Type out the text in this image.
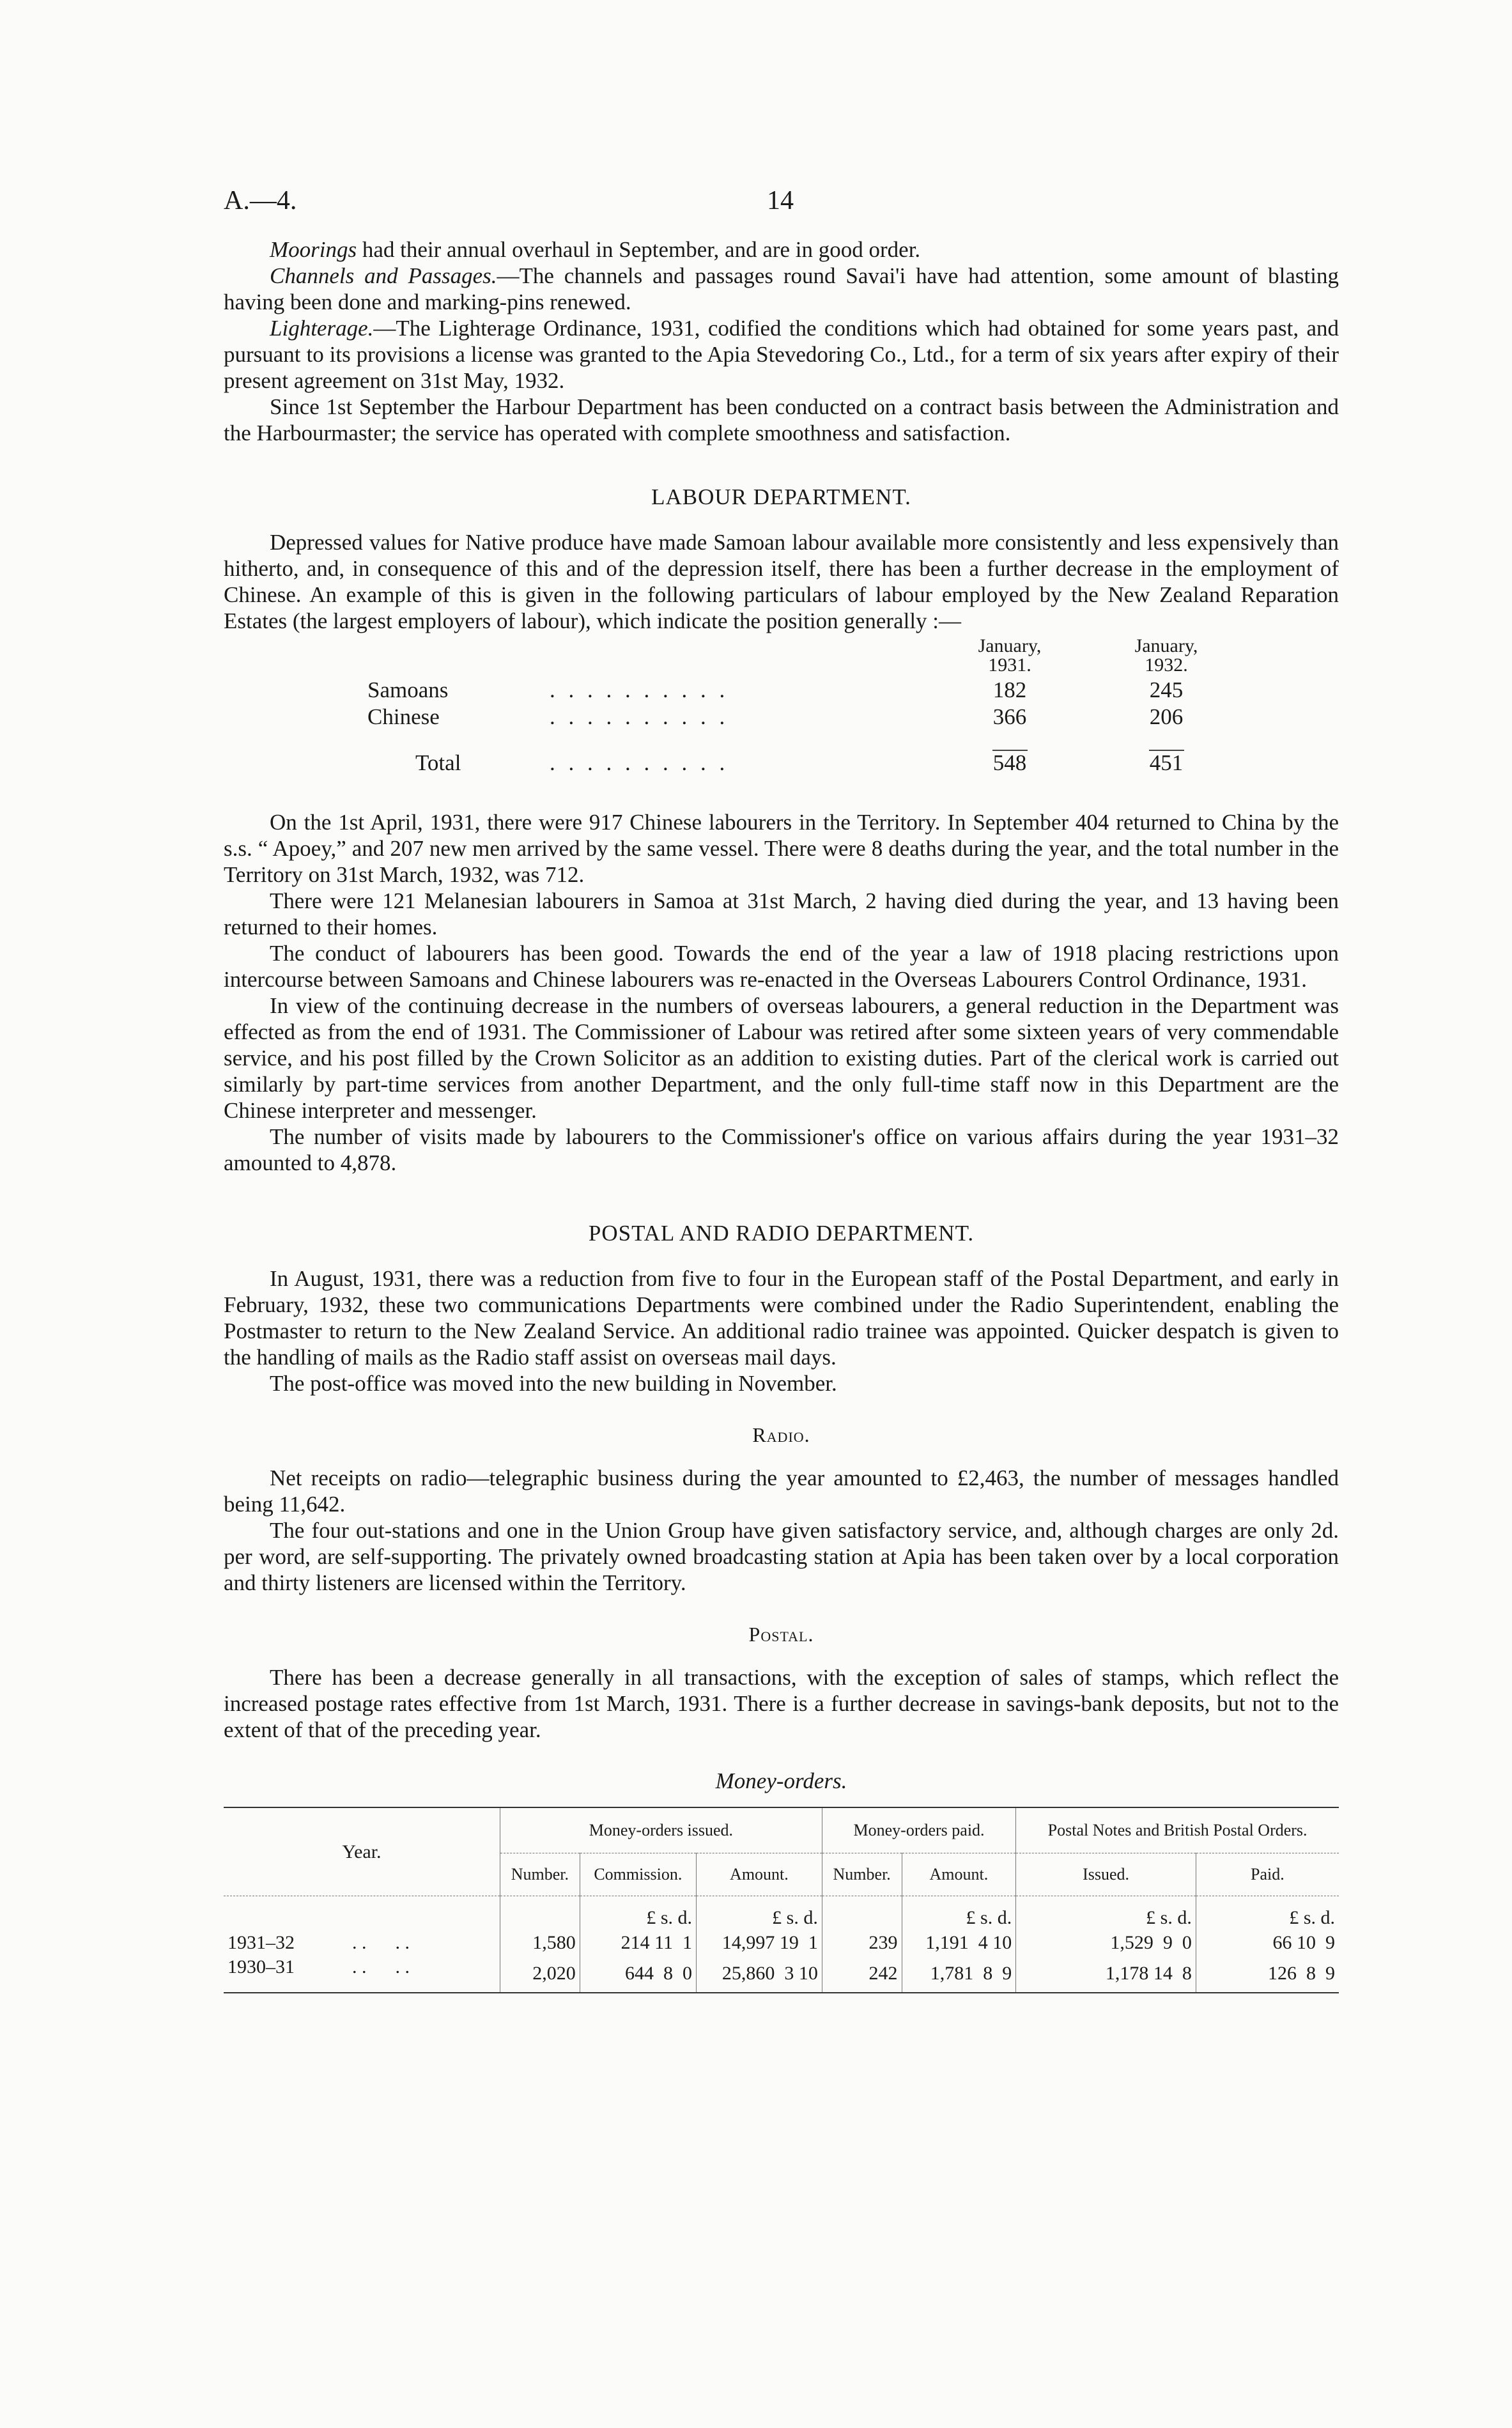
A.—4.	14

Moorings had their annual overhaul in September, and are in good order.

Channels and Passages.—The channels and passages round Savai'i have had attention, some amount of blasting having been done and marking-pins renewed.

Lighterage.—The Lighterage Ordinance, 1931, codified the conditions which had obtained for some years past, and pursuant to its provisions a license was granted to the Apia Stevedoring Co., Ltd., for a term of six years after expiry of their present agreement on 31st May, 1932.

Since 1st September the Harbour Department has been conducted on a contract basis between the Administration and the Harbourmaster; the service has operated with complete smoothness and satisfaction.

LABOUR DEPARTMENT.

Depressed values for Native produce have made Samoan labour available more consistently and less expensively than hitherto, and, in consequence of this and of the depression itself, there has been a further decrease in the employment of Chinese. An example of this is given in the following particulars of labour employed by the New Zealand Reparation Estates (the largest employers of labour), which indicate the position generally :—

January, 1931.
January, 1932.
Samoans	. . . . . . . . . .	182	245
Chinese	. . . . . . . . . .	366	206
Total	. . . . . . . . . .	548	451

On the 1st April, 1931, there were 917 Chinese labourers in the Territory. In September 404 returned to China by the s.s. “ Apoey,” and 207 new men arrived by the same vessel. There were 8 deaths during the year, and the total number in the Territory on 31st March, 1932, was 712.

There were 121 Melanesian labourers in Samoa at 31st March, 2 having died during the year, and 13 having been returned to their homes.

The conduct of labourers has been good. Towards the end of the year a law of 1918 placing restrictions upon intercourse between Samoans and Chinese labourers was re-enacted in the Overseas Labourers Control Ordinance, 1931.

In view of the continuing decrease in the numbers of overseas labourers, a general reduction in the Department was effected as from the end of 1931. The Commissioner of Labour was retired after some sixteen years of very commendable service, and his post filled by the Crown Solicitor as an addition to existing duties. Part of the clerical work is carried out similarly by part-time services from another Department, and the only full-time staff now in this Department are the Chinese interpreter and messenger.

The number of visits made by labourers to the Commissioner's office on various affairs during the year 1931–32 amounted to 4,878.

POSTAL AND RADIO DEPARTMENT.

In August, 1931, there was a reduction from five to four in the European staff of the Postal Department, and early in February, 1932, these two communications Departments were combined under the Radio Superintendent, enabling the Postmaster to return to the New Zealand Service. An additional radio trainee was appointed. Quicker despatch is given to the handling of mails as the Radio staff assist on overseas mail days.

The post-office was moved into the new building in November.

Radio.

Net receipts on radio—telegraphic business during the year amounted to £2,463, the number of messages handled being 11,642.

The four out-stations and one in the Union Group have given satisfactory service, and, although charges are only 2d. per word, are self-supporting. The privately owned broadcasting station at Apia has been taken over by a local corporation and thirty listeners are licensed within the Territory.

Postal.

There has been a decrease generally in all transactions, with the exception of sales of stamps, which reflect the increased postage rates effective from 1st March, 1931. There is a further decrease in savings-bank deposits, but not to the extent of that of the preceding year.

Money-orders.
Year.	Money-orders issued.			Money-orders paid.		Postal Notes and British Postal Orders.	
	Number.	Commission.	Amount.	Number.	Amount.	Issued.	Paid.
		£ s. d.	£ s. d.		£ s. d.	£ s. d.	£ s. d.
1931–32 . .      . .	1,580	214 11  1	14,997 19  1	239	1,191  4 10	1,529  9  0	66 10  9
1930–31 . .      . .	2,020	644  8  0	25,860  3 10	242	1,781  8  9	1,178 14  8	126  8  9
